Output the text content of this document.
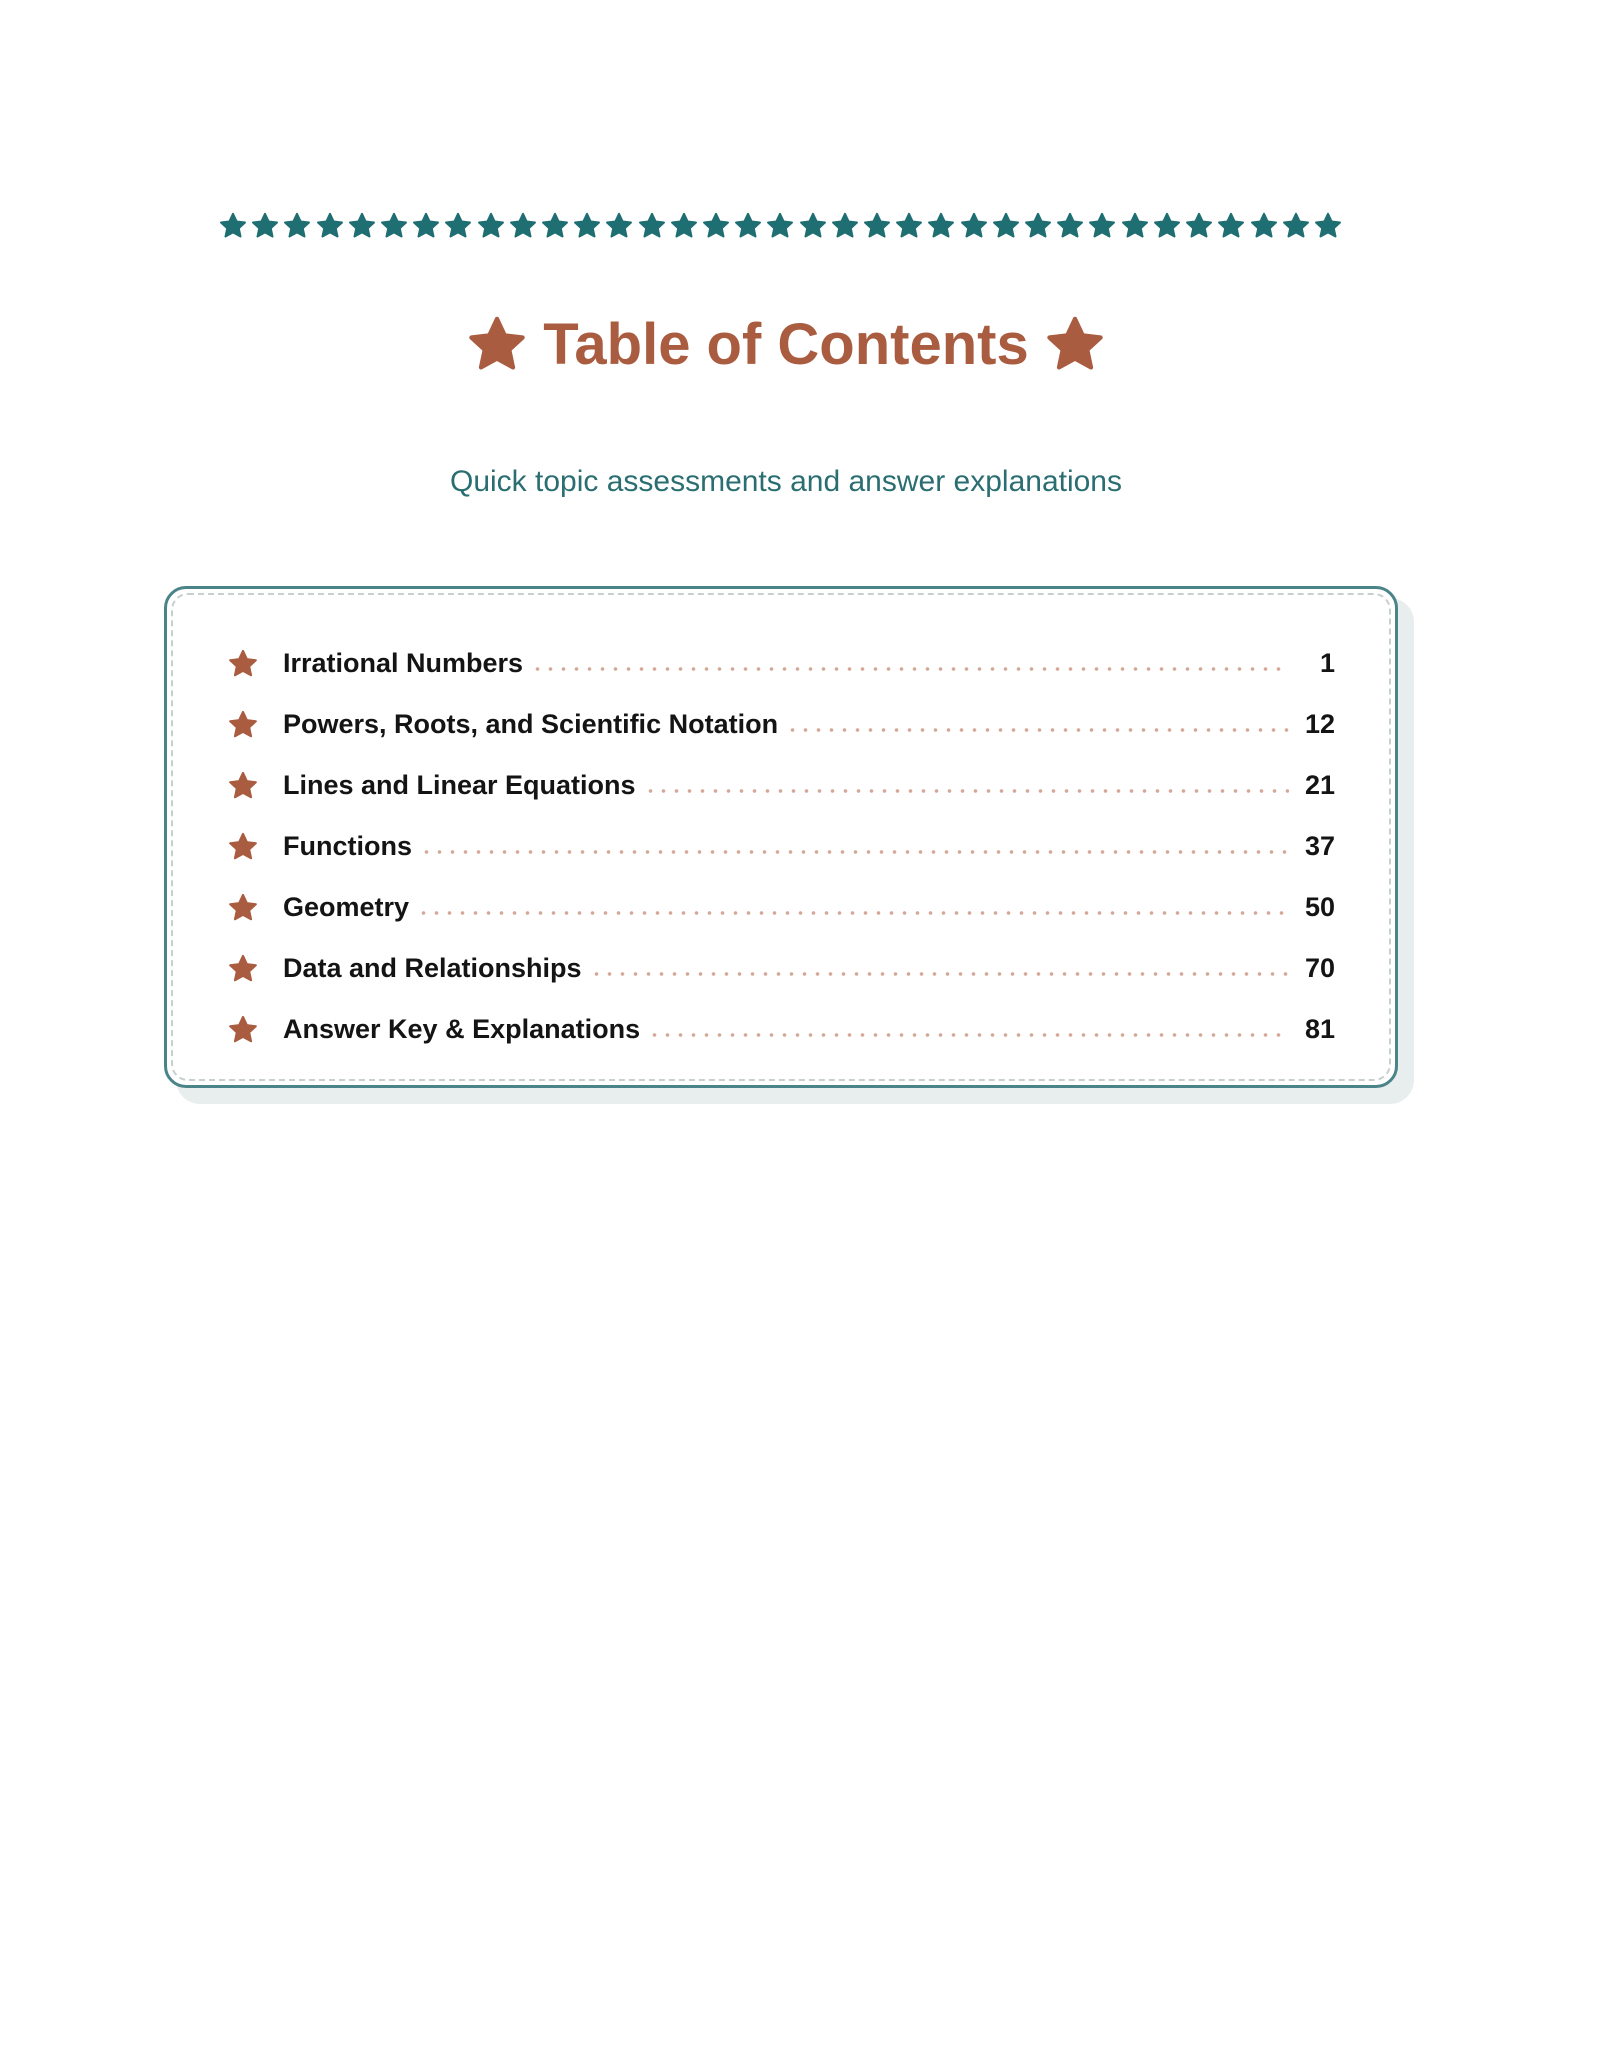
Table of Contents
Quick topic assessments and answer explanations
Irrational Numbers	1
Powers, Roots, and Scientific Notation	12
Lines and Linear Equations	21
Functions	37
Geometry	50
Data and Relationships	70
Answer Key & Explanations	81
